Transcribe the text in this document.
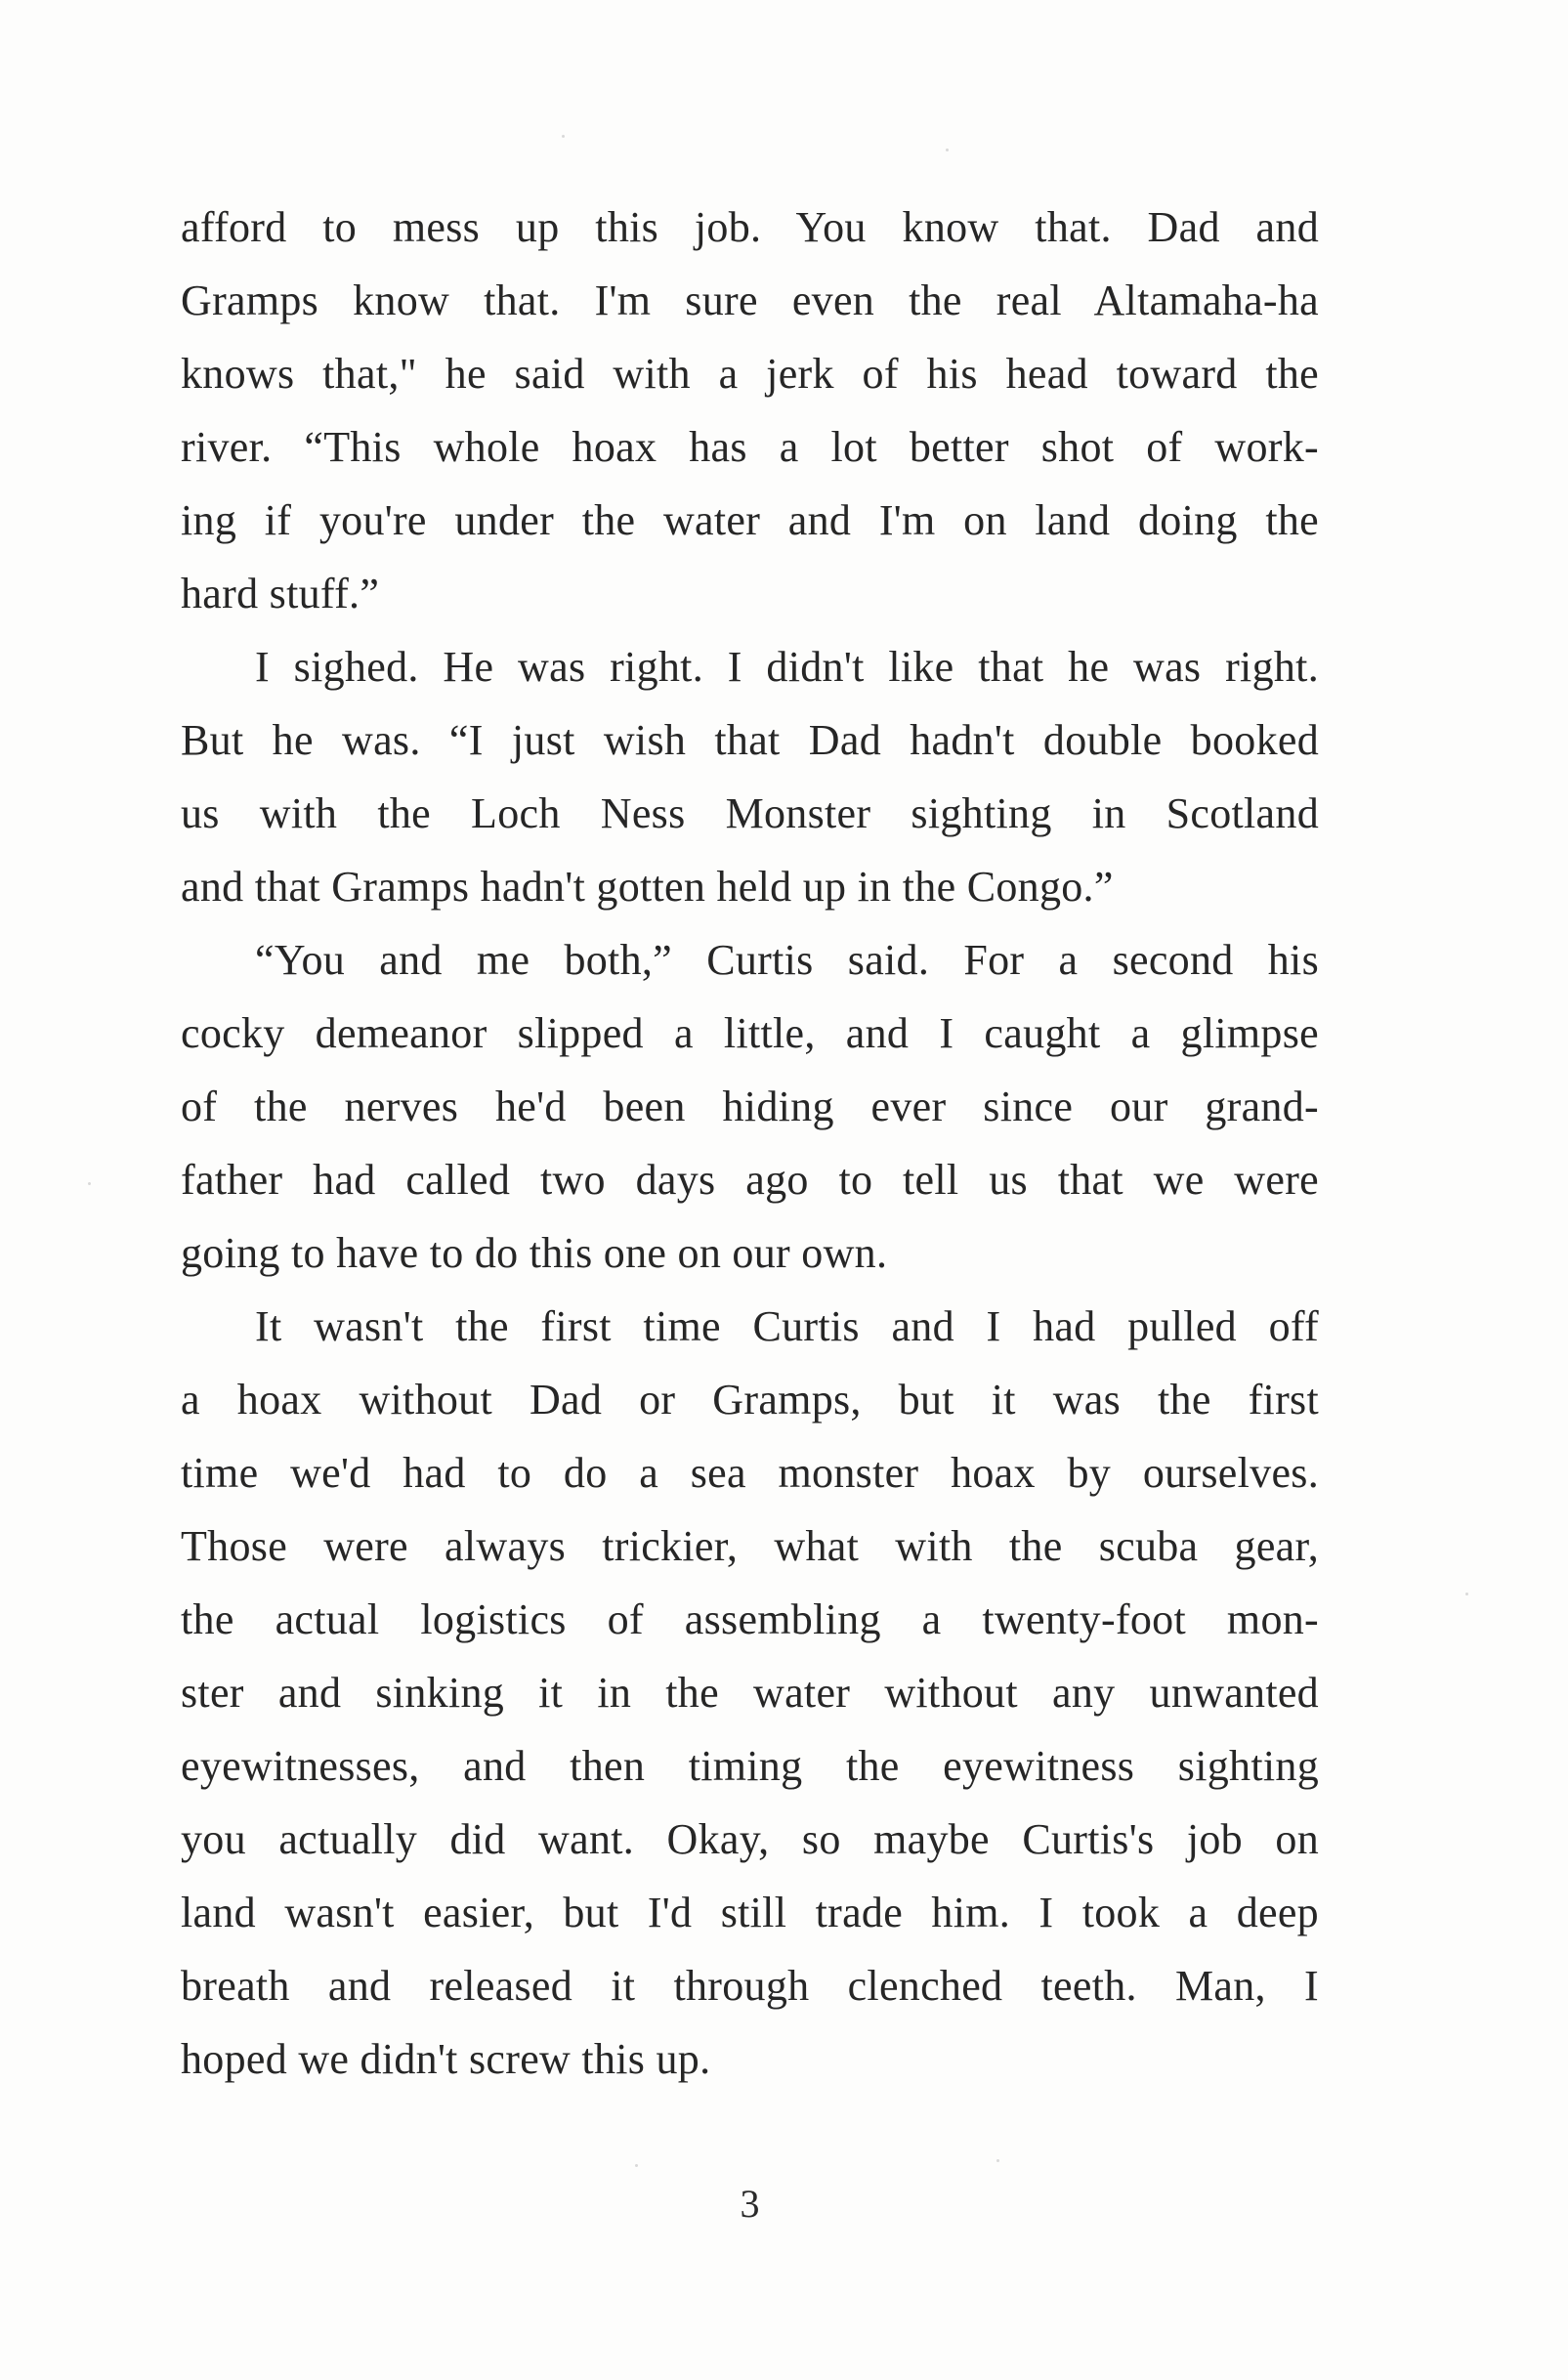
afford to mess up this job. You know that. Dad and
Gramps know that. I'm sure even the real Altamaha-ha
knows that," he said with a jerk of his head toward the
river. “This whole hoax has a lot better shot of work-
ing if you're under the water and I'm on land doing the
hard stuff.”
I sighed. He was right. I didn't like that he was right.
But he was. “I just wish that Dad hadn't double booked
us with the Loch Ness Monster sighting in Scotland
and that Gramps hadn't gotten held up in the Congo.”
“You and me both,” Curtis said. For a second his
cocky demeanor slipped a little, and I caught a glimpse
of the nerves he'd been hiding ever since our grand-
father had called two days ago to tell us that we were
going to have to do this one on our own.
It wasn't the first time Curtis and I had pulled off
a hoax without Dad or Gramps, but it was the first
time we'd had to do a sea monster hoax by ourselves.
Those were always trickier, what with the scuba gear,
the actual logistics of assembling a twenty-foot mon-
ster and sinking it in the water without any unwanted
eyewitnesses, and then timing the eyewitness sighting
you actually did want. Okay, so maybe Curtis's job on
land wasn't easier, but I'd still trade him. I took a deep
breath and released it through clenched teeth. Man, I
hoped we didn't screw this up.
3
